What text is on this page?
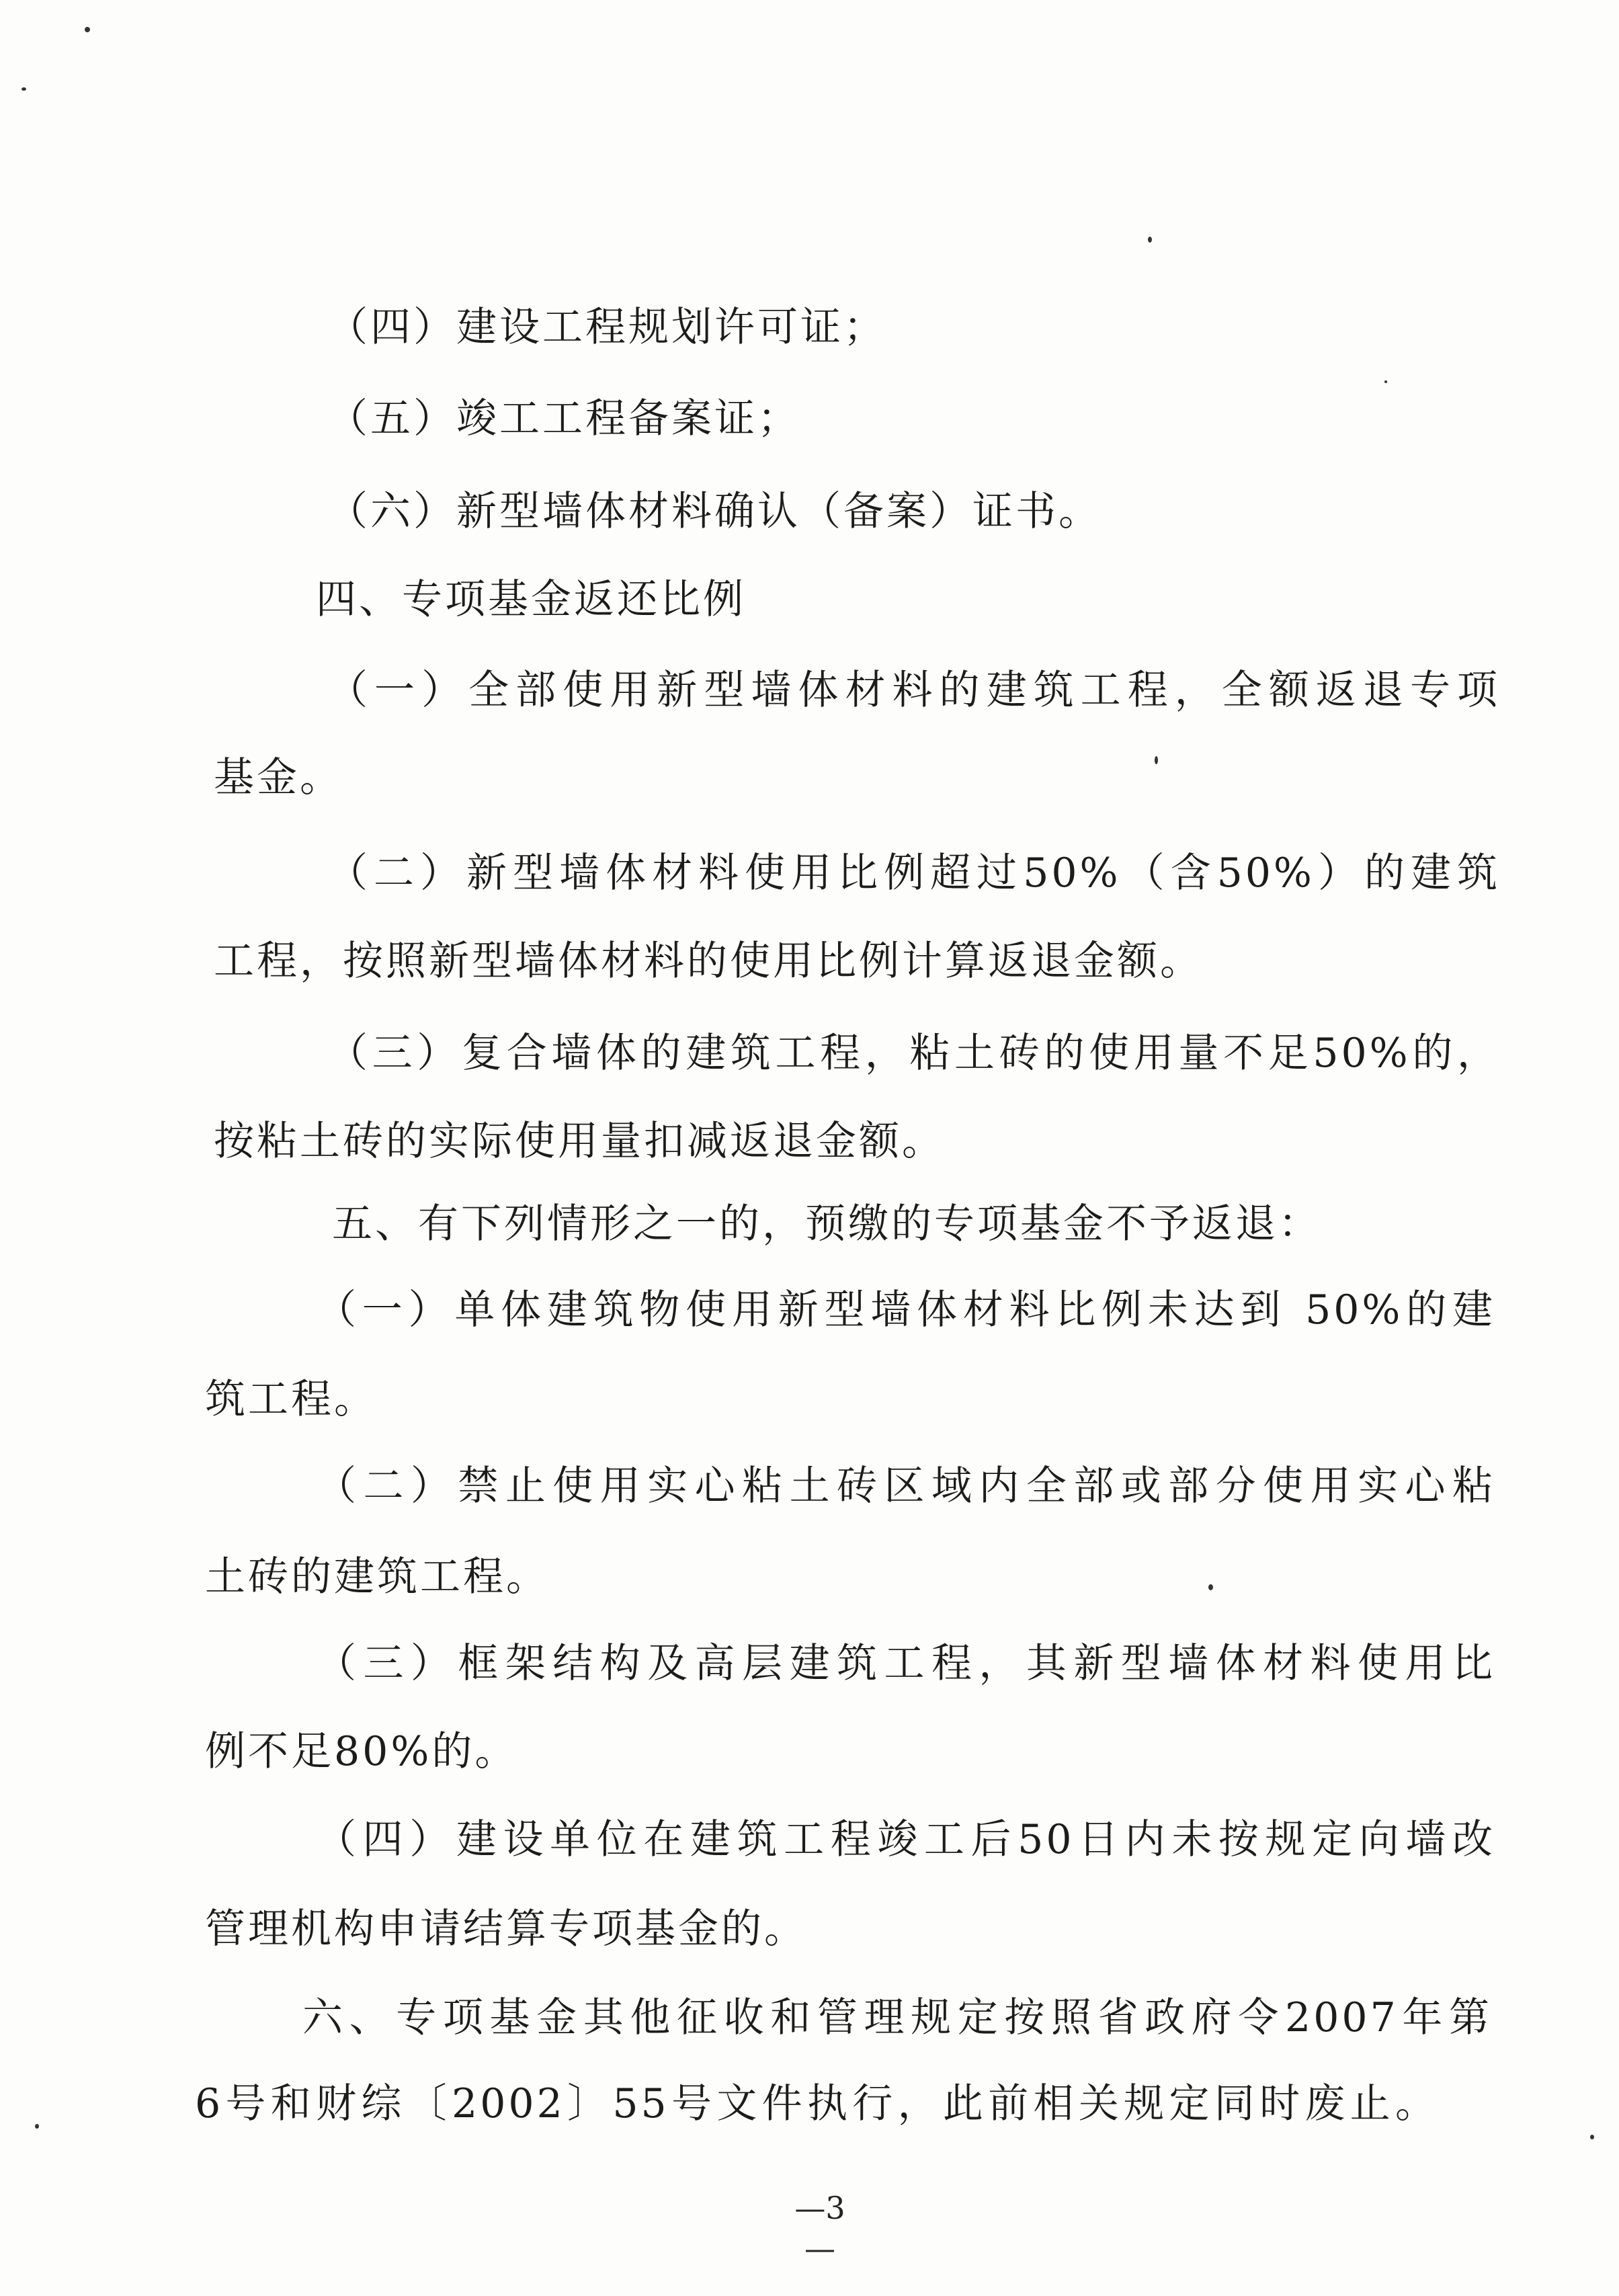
（四）建设工程规划许可证；
（五）竣工工程备案证；
（六）新型墙体材料确认（备案）证书。
四、专项基金返还比例
（一）全部使用新型墙体材料的建筑工程，全额返退专项
基金。
（二）新型墙体材料使用比例超过50%（含50%）的建筑
工程，按照新型墙体材料的使用比例计算返退金额。
（三）复合墙体的建筑工程，粘土砖的使用量不足50%的，
按粘土砖的实际使用量扣减返退金额。
五、有下列情形之一的，预缴的专项基金不予返退：
（一）单体建筑物使用新型墙体材料比例未达到 50%的建
筑工程。
（二）禁止使用实心粘土砖区域内全部或部分使用实心粘
土砖的建筑工程。
（三）框架结构及高层建筑工程，其新型墙体材料使用比
例不足80%的。
（四）建设单位在建筑工程竣工后50日内未按规定向墙改
管理机构申请结算专项基金的。
六、专项基金其他征收和管理规定按照省政府令2007年第
6号和财综〔2002〕55号文件执行，此前相关规定同时废止。
—3—
